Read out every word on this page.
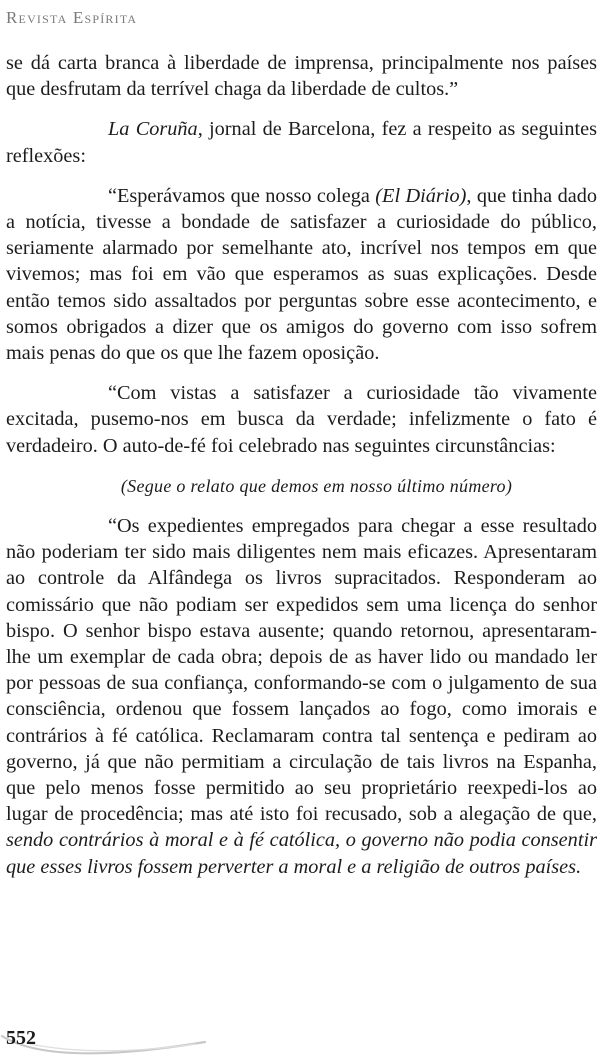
Revista Espírita

se dá carta branca à liberdade de imprensa, principalmente nos países que desfrutam da terrível chaga da liberdade de cultos.”

La Coruña, jornal de Barcelona, fez a respeito as seguintes reflexões:

“Esperávamos que nosso colega (El Diário), que tinha dado a notícia, tivesse a bondade de satisfazer a curiosidade do público, seriamente alarmado por semelhante ato, incrível nos tempos em que vivemos; mas foi em vão que esperamos as suas explicações. Desde então temos sido assaltados por perguntas sobre esse acontecimento, e somos obrigados a dizer que os amigos do governo com isso sofrem mais penas do que os que lhe fazem oposição.

“Com vistas a satisfazer a curiosidade tão vivamente excitada, pusemo-nos em busca da verdade; infelizmente o fato é verdadeiro. O auto-de-fé foi celebrado nas seguintes circunstâncias:

(Segue o relato que demos em nosso último número)

“Os expedientes empregados para chegar a esse resultado não poderiam ter sido mais diligentes nem mais eficazes. Apresentaram ao controle da Alfândega os livros supracitados. Responderam ao comissário que não podiam ser expedidos sem uma licença do senhor bispo. O senhor bispo estava ausente; quando retornou, apresentaram-lhe um exemplar de cada obra; depois de as haver lido ou mandado ler por pessoas de sua confiança, conformando-se com o julgamento de sua consciência, ordenou que fossem lançados ao fogo, como imorais e contrários à fé católica. Reclamaram contra tal sentença e pediram ao governo, já que não permitiam a circulação de tais livros na Espanha, que pelo menos fosse permitido ao seu proprietário reexpedi-los ao lugar de procedência; mas até isto foi recusado, sob a alegação de que, sendo contrários à moral e à fé católica, o governo não podia consentir que esses livros fossem perverter a moral e a religião de outros países.

552
